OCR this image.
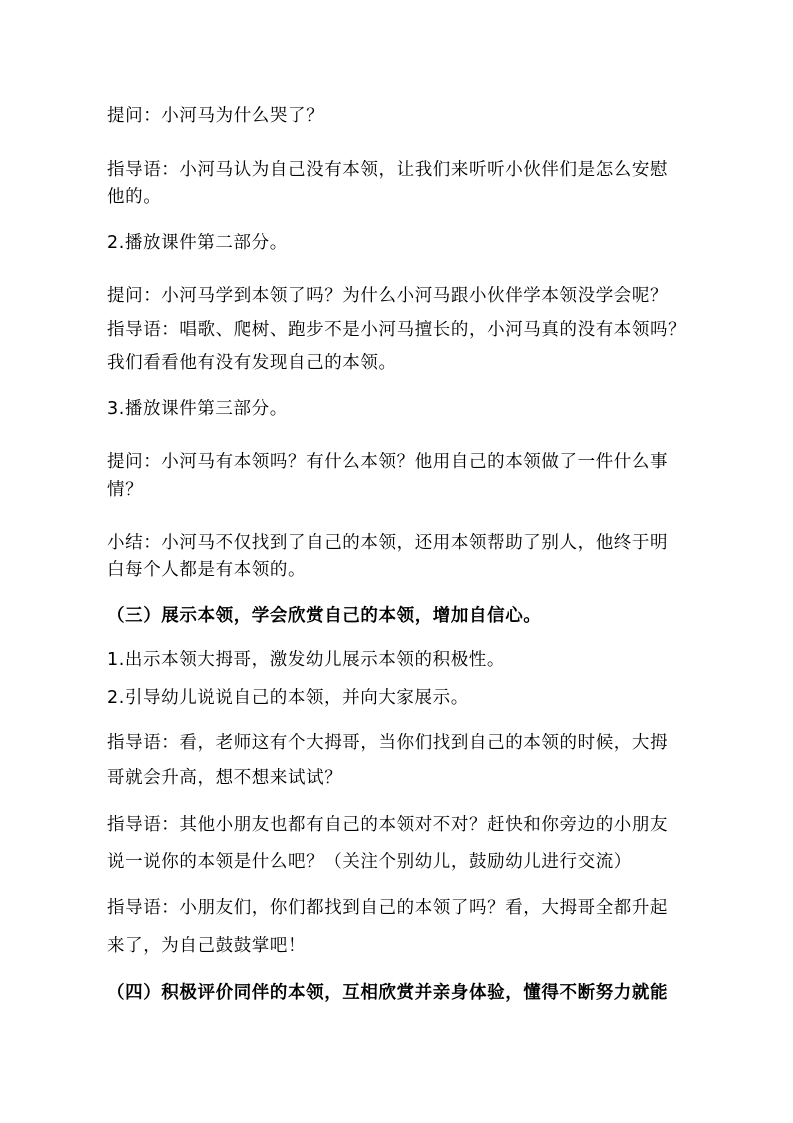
提问：小河马为什么哭了？
指导语：小河马认为自己没有本领，让我们来听听小伙伴们是怎么安慰
他的。
2.播放课件第二部分。
提问：小河马学到本领了吗？为什么小河马跟小伙伴学本领没学会呢？
指导语：唱歌、爬树、跑步不是小河马擅长的，小河马真的没有本领吗？
我们看看他有没有发现自己的本领。
3.播放课件第三部分。
提问：小河马有本领吗？有什么本领？他用自己的本领做了一件什么事
情？
小结：小河马不仅找到了自己的本领，还用本领帮助了别人，他终于明
白每个人都是有本领的。
（三）展示本领，学会欣赏自己的本领，增加自信心。
1.出示本领大拇哥，激发幼儿展示本领的积极性。
2.引导幼儿说说自己的本领，并向大家展示。
指导语：看，老师这有个大拇哥，当你们找到自己的本领的时候，大拇
哥就会升高，想不想来试试？
指导语：其他小朋友也都有自己的本领对不对？赶快和你旁边的小朋友
说一说你的本领是什么吧？（关注个别幼儿，鼓励幼儿进行交流）
指导语：小朋友们，你们都找到自己的本领了吗？看，大拇哥全都升起
来了，为自己鼓鼓掌吧！
（四）积极评价同伴的本领，互相欣赏并亲身体验，懂得不断努力就能
